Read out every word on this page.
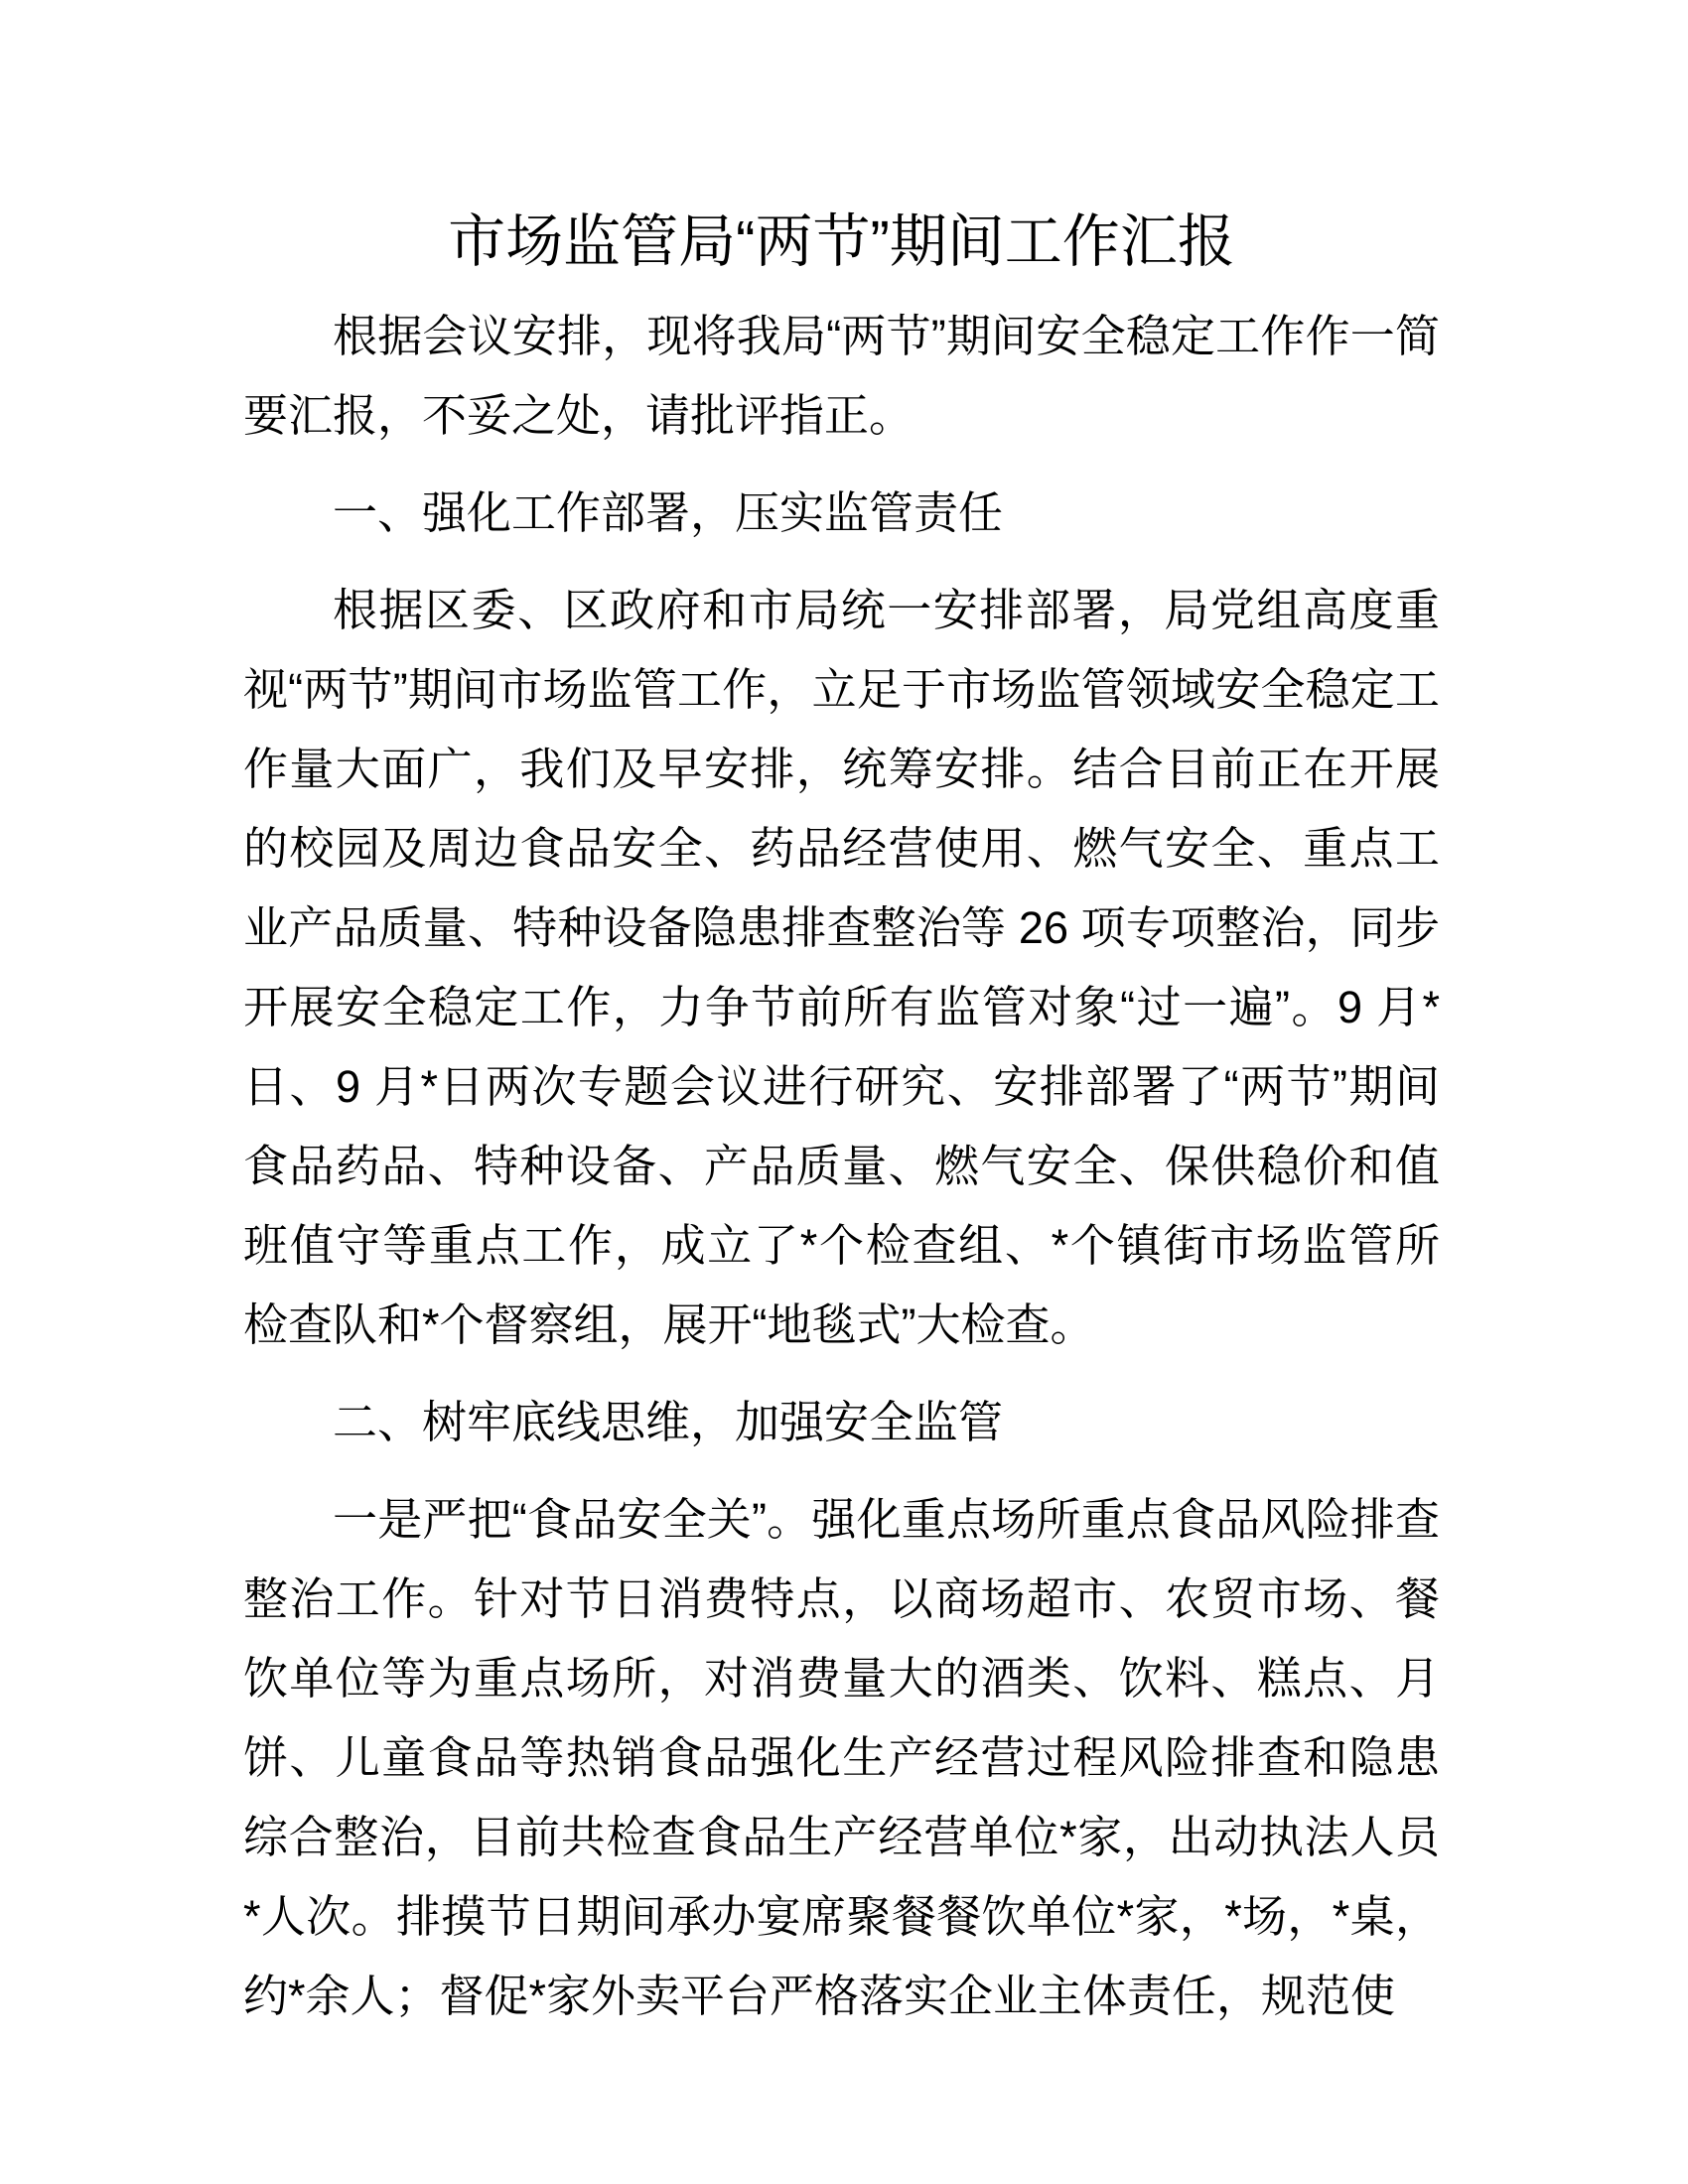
市场监管局“两节”期间工作汇报

根据会议安排，现将我局“两节”期间安全稳定工作作一简要汇报，不妥之处，请批评指正。

一、强化工作部署，压实监管责任

根据区委、区政府和市局统一安排部署，局党组高度重视“两节”期间市场监管工作，立足于市场监管领域安全稳定工作量大面广，我们及早安排，统筹安排。结合目前正在开展的校园及周边食品安全、药品经营使用、燃气安全、重点工业产品质量、特种设备隐患排查整治等 26 项专项整治，同步开展安全稳定工作，力争节前所有监管对象“过一遍”。9 月*日、9 月*日两次专题会议进行研究、安排部署了“两节”期间食品药品、特种设备、产品质量、燃气安全、保供稳价和值班值守等重点工作，成立了*个检查组、*个镇街市场监管所检查队和*个督察组，展开“地毯式”大检查。

二、树牢底线思维，加强安全监管

一是严把“食品安全关”。强化重点场所重点食品风险排查整治工作。针对节日消费特点，以商场超市、农贸市场、餐饮单位等为重点场所，对消费量大的酒类、饮料、糕点、月饼、儿童食品等热销食品强化生产经营过程风险排查和隐患综合整治，目前共检查食品生产经营单位*家，出动执法人员*人次。排摸节日期间承办宴席聚餐餐饮单位*家，*场，*桌，约*余人；督促*家外卖平台严格落实企业主体责任，规范使
